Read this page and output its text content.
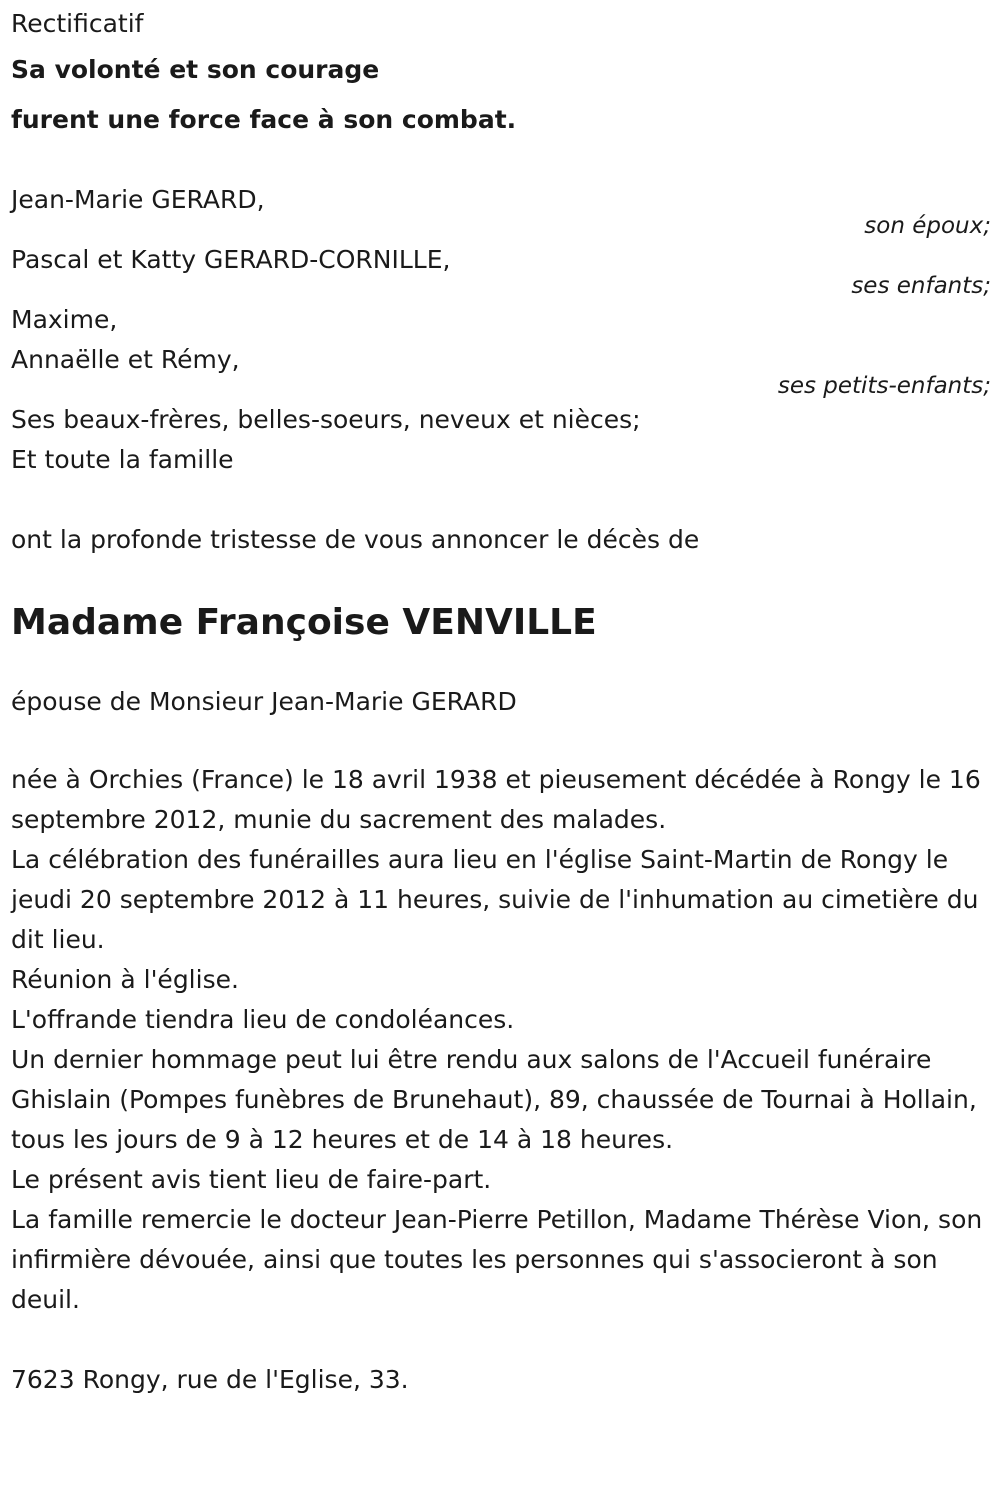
Rectificatif
Sa volonté et son courage
furent une force face à son combat.
Jean-Marie GERARD,
son époux;
Pascal et Katty GERARD-CORNILLE,
ses enfants;
Maxime,
Annaëlle et Rémy,
ses petits-enfants;
Ses beaux-frères, belles-soeurs, neveux et nièces;
Et toute la famille
ont la profonde tristesse de vous annoncer le décès de
Madame Françoise VENVILLE
épouse de Monsieur Jean-Marie GERARD

née à Orchies (France) le 18 avril 1938 et pieusement décédée à Rongy le 16 septembre 2012, munie du sacrement des malades.

La célébration des funérailles aura lieu en l'église Saint-Martin de Rongy le jeudi 20 septembre 2012 à 11 heures, suivie de l'inhumation au cimetière du dit lieu.

Réunion à l'église.

L'offrande tiendra lieu de condoléances.

Un dernier hommage peut lui être rendu aux salons de l'Accueil funéraire Ghislain (Pompes funèbres de Brunehaut), 89, chaussée de Tournai à Hollain, tous les jours de 9 à 12 heures et de 14 à 18 heures.

Le présent avis tient lieu de faire-part.

La famille remercie le docteur Jean-Pierre Petillon, Madame Thérèse Vion, son infirmière dévouée, ainsi que toutes les personnes qui s'associeront à son deuil.

7623 Rongy, rue de l'Eglise, 33.
